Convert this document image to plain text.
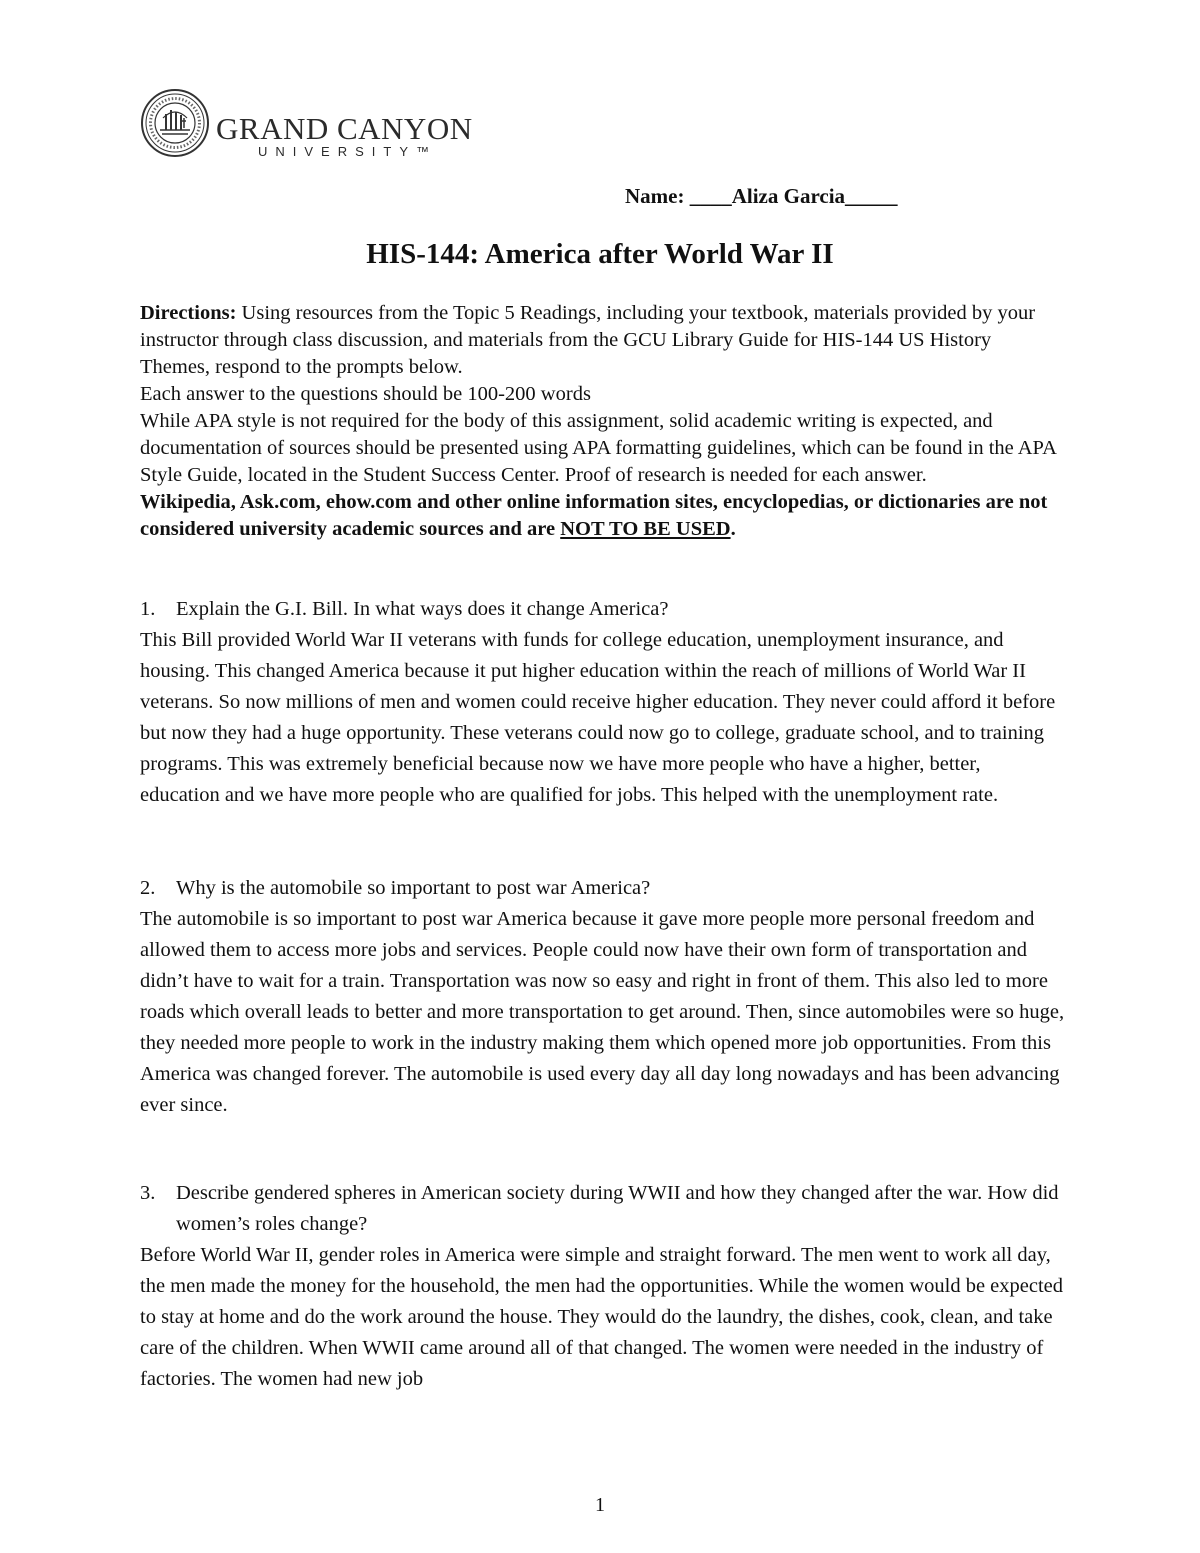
GRAND CANYON
UNIVERSITY™
Name: ____Aliza Garcia_____
HIS-144: America after World War II

Directions: Using resources from the Topic 5 Readings, including your textbook, materials provided by your instructor through class discussion, and materials from the GCU Library Guide for HIS-144 US History Themes, respond to the prompts below.

Each answer to the questions should be 100-200 words

While APA style is not required for the body of this assignment, solid academic writing is expected, and documentation of sources should be presented using APA formatting guidelines, which can be found in the APA Style Guide, located in the Student Success Center. Proof of research is needed for each answer.

Wikipedia, Ask.com, ehow.com and other online information sites, encyclopedias, or dictionaries are not considered university academic sources and are NOT TO BE USED.

1.	Explain the G.I. Bill. In what ways does it change America?

This Bill provided World War II veterans with funds for college education, unemployment insurance, and housing. This changed America because it put higher education within the reach of millions of World War II veterans. So now millions of men and women could receive higher education. They never could afford it before but now they had a huge opportunity. These veterans could now go to college, graduate school, and to training programs. This was extremely beneficial because now we have more people who have a higher, better, education and we have more people who are qualified for jobs. This helped with the unemployment rate.

2.	Why is the automobile so important to post war America?

The automobile is so important to post war America because it gave more people more personal freedom and allowed them to access more jobs and services. People could now have their own form of transportation and didn’t have to wait for a train. Transportation was now so easy and right in front of them. This also led to more roads which overall leads to better and more transportation to get around. Then, since automobiles were so huge, they needed more people to work in the industry making them which opened more job opportunities. From this America was changed forever. The automobile is used every day all day long nowadays and has been advancing ever since.

3.	Describe gendered spheres in American society during WWII and how they changed after the war. How did women’s roles change?

Before World War II, gender roles in America were simple and straight forward. The men went to work all day, the men made the money for the household, the men had the opportunities. While the women would be expected to stay at home and do the work around the house. They would do the laundry, the dishes, cook, clean, and take care of the children. When WWII came around all of that changed. The women were needed in the industry of factories. The women had new job

1
